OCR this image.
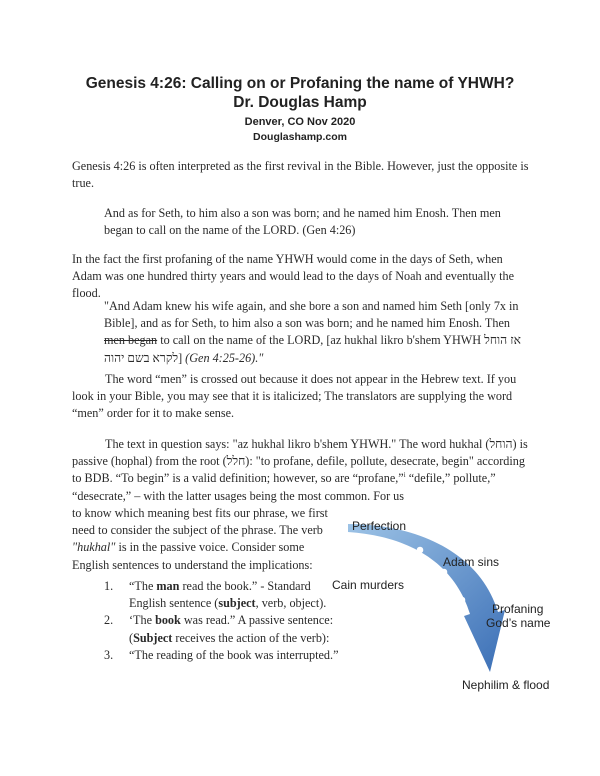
Genesis 4:26: Calling on or Profaning the name of YHWH?
Dr. Douglas Hamp
Denver, CO Nov 2020
Douglashamp.com

Genesis 4:26 is often interpreted as the first revival in the Bible. However, just the opposite is true.

And as for Seth, to him also a son was born; and he named him Enosh. Then men began to call on the name of the LORD. (Gen 4:26)

In the fact the first profaning of the name YHWH would come in the days of Seth, when Adam was one hundred thirty years and would lead to the days of Noah and eventually the flood.

"And Adam knew his wife again, and she bore a son and named him Seth [only 7x in Bible], and as for Seth, to him also a son was born; and he named him Enosh. Then men began to call on the name of the LORD, [az hukhal likro b'shem YHWH אז הוחל לקרא בשם יהוה] (Gen 4:25-26)."

The word “men” is crossed out because it does not appear in the Hebrew text. If you look in your Bible, you may see that it is italicized; The translators are supplying the word “men” order for it to make sense.

The text in question says: "az hukhal likro b'shem YHWH." The word hukhal (הוחל) is passive (hophal) from the root (חלל): "to profane, defile, pollute, desecrate, begin" according to BDB. “To begin” is a valid definition; however, so are “profane,”$^i$ “defile,” pollute,” “desecrate,” – with the latter usages being the most common. For us

to know which meaning best fits our phrase, we first need to consider the subject of the phrase. The verb "hukhal" is in the passive voice. Consider some English sentences to understand the implications:

1. “The man read the book.” - Standard English sentence (subject, verb, object).
2. ‘The book was read.” A passive sentence: (Subject receives the action of the verb):
3. “The reading of the book was interrupted.”
Perfection
Adam sins
Cain murders
Profaning
God’s name
Nephilim & flood
